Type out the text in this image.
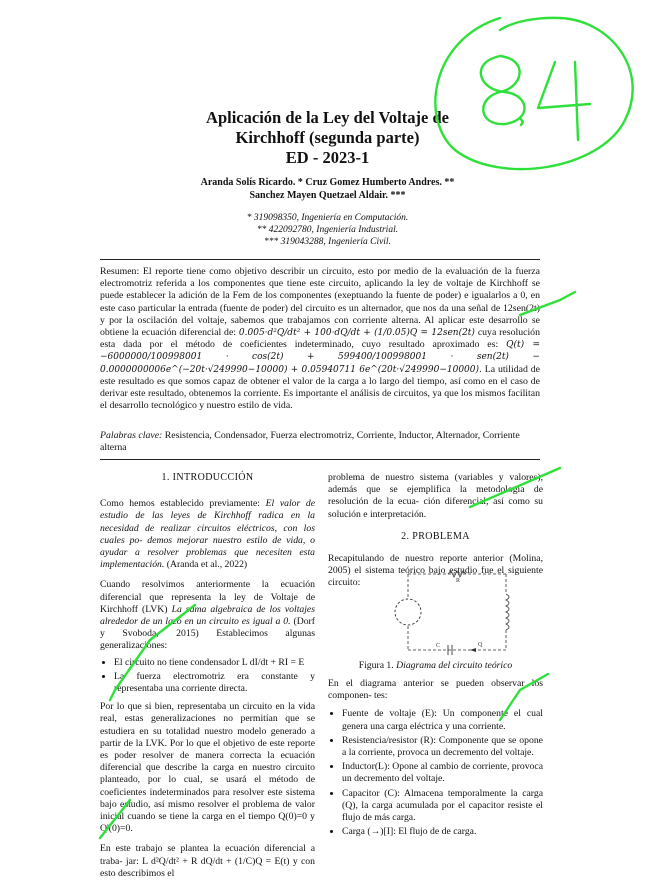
Aplicación de la Ley del Voltaje de
Kirchhoff (segunda parte)
ED - 2023-1
Aranda Solís Ricardo. * Cruz Gomez Humberto Andres. **
Sanchez Mayen Quetzael Aldair. ***
* 319098350, Ingeniería en Computación.
** 422092780, Ingeniería Industrial.
*** 319043288, Ingeniería Civil.
Resumen: El reporte tiene como objetivo describir un circuito, esto por medio de la evaluación de la fuerza electromotriz referida a los componentes que tiene este circuito, aplicando la ley de voltaje de Kirchhoff se puede establecer la adición de la Fem de los componentes (exeptuando la fuente de poder) e igualarlos a 0, en este caso particular la entrada (fuente de poder) del circuito es un alternador, que nos da una señal de 12sen(2t) y por la oscilación del voltaje, sabemos que trabajamos con corriente alterna. Al aplicar este desarrollo se obtiene la ecuación diferencial de: 0.005·d²Q/dt² + 100·dQ/dt + (1/0.05)Q = 12sen(2t) cuya resolución esta dada por el método de coeficientes indeterminado, cuyo resultado aproximado es: Q(t) = −6000000/100998001 · cos(2t) + 599400/100998001 · sen(2t) − 0.0000000006e^(−20t·√249990−10000) + 0.05940711 6e^(20t·√249990−10000). La utilidad de este resultado es que somos capaz de obtener el valor de la carga a lo largo del tiempo, así como en el caso de derivar este resultado, obtenemos la corriente. Es importante el análisis de circuitos, ya que los mismos facilitan el desarrollo tecnológico y nuestro estilo de vida.
Palabras clave: Resistencia, Condensador, Fuerza electromotriz, Corriente, Inductor, Alternador, Corriente alterna
1. INTRODUCCIÓN

Como hemos establecido previamente: El valor de estudio de las leyes de Kirchhoff radica en la necesidad de realizar circuitos eléctricos, con los cuales po- demos mejorar nuestro estilo de vida, o ayudar a resolver problemas que necesiten esta implementación. (Aranda et al., 2022)

Cuando resolvimos anteriormente la ecuación diferencial que representa la ley de Voltaje de Kirchhoff (LVK) La suma algebraica de los voltajes alrededor de un lazo en un circuito es igual a 0. (Dorf y Svoboda, 2015) Establecimos algunas generalizaciones:

• El circuito no tiene condensador L dI/dt + RI = E
• La fuerza electromotriz era constante y representaba una corriente directa.

Por lo que si bien, representaba un circuito en la vida real, estas generalizaciones no permitían que se estudiera en su totalidad nuestro modelo generado a partir de la LVK. Por lo que el objetivo de este reporte es poder resolver de manera correcta la ecuación diferencial que describe la carga en nuestro circuito planteado, por lo cual, se usará el método de coeficientes indeterminados para resolver este sistema bajo estudio, así mismo resolver el problema de valor inicial cuando se tiene la carga en el tiempo Q(0)=0 y Q'(0)=0.

En este trabajo se plantea la ecuación diferencial a traba- jar: L d²Q/dt² + R dQ/dt + (1/C)Q = E(t) y con esto describimos el

problema de nuestro sistema (variables y valores), además que se ejemplifica la metodología de resolución de la ecua- ción diferencial, así como su solución e interpretación.

2. PROBLEMA

Recapitulando de nuestro reporte anterior (Molina, 2005) el sistema teórico bajo estudio fue el siguiente circuito:	R
C	Q
Figura 1. Diagrama del circuito teórico

En el diagrama anterior se pueden observar los componen- tes:

• Fuente de voltaje (E): Un componente el cual genera una carga eléctrica y una corriente.
• Resistencia/resistor (R): Componente que se opone a la corriente, provoca un decremento del voltaje.
• Inductor(L): Opone al cambio de corriente, provoca un decremento del voltaje.
• Capacitor (C): Almacena temporalmente la carga (Q), la carga acumulada por el capacitor resiste el flujo de más carga.
• Carga (→)[I]: El flujo de de carga.
